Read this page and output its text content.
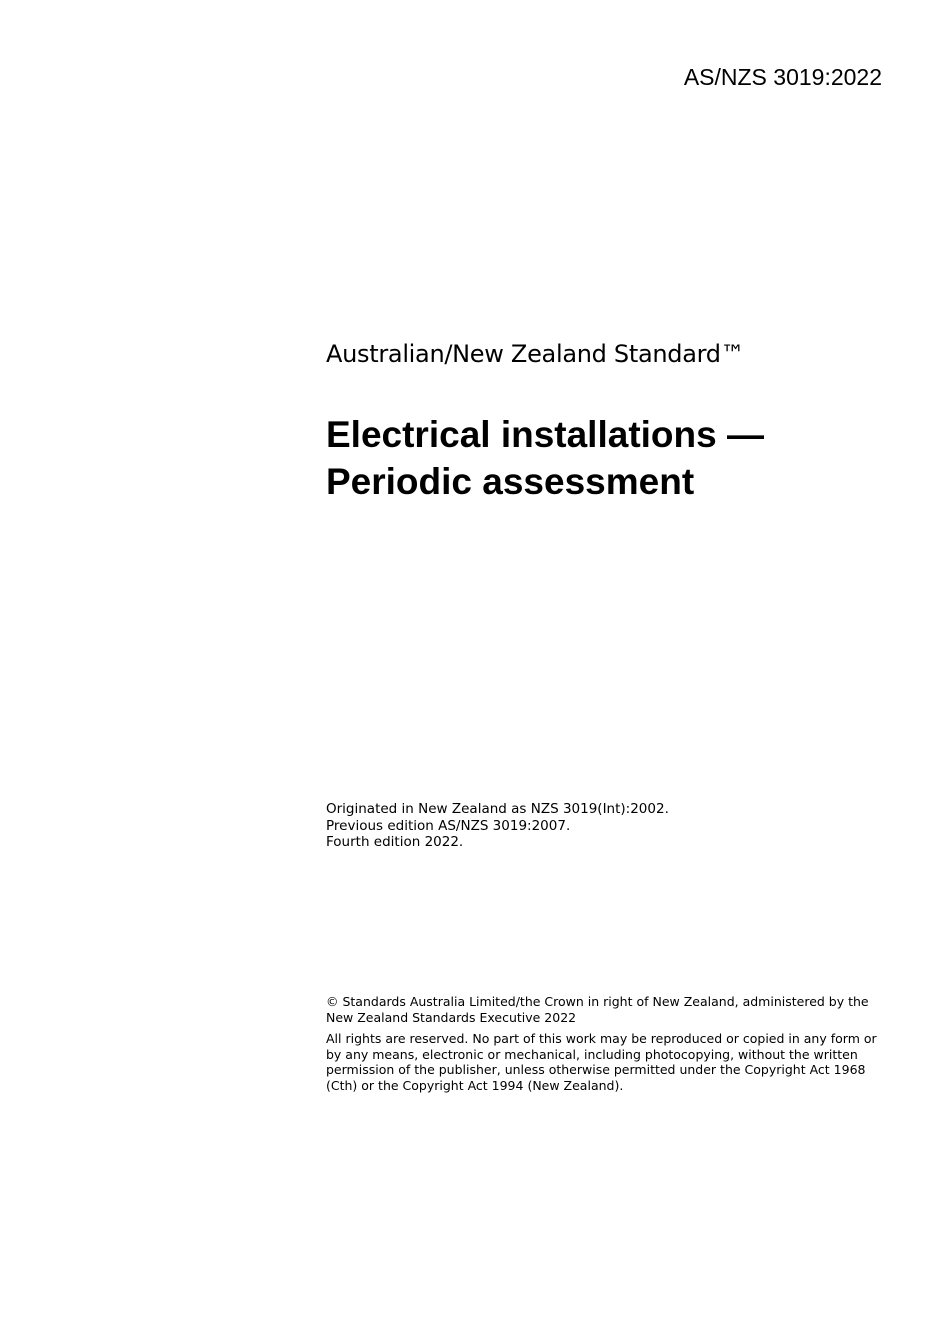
AS/NZS 3019:2022
Australian/New Zealand Standard™
Electrical installations —
Periodic assessment
Originated in New Zealand as NZS 3019(Int):2002.
Previous edition AS/NZS 3019:2007.
Fourth edition 2022.

© Standards Australia Limited/the Crown in right of New Zealand, administered by the New Zealand Standards Executive 2022

All rights are reserved. No part of this work may be reproduced or copied in any form or by any means, electronic or mechanical, including photocopying, without the written permission of the publisher, unless otherwise permitted under the Copyright Act 1968 (Cth) or the Copyright Act 1994 (New Zealand).
